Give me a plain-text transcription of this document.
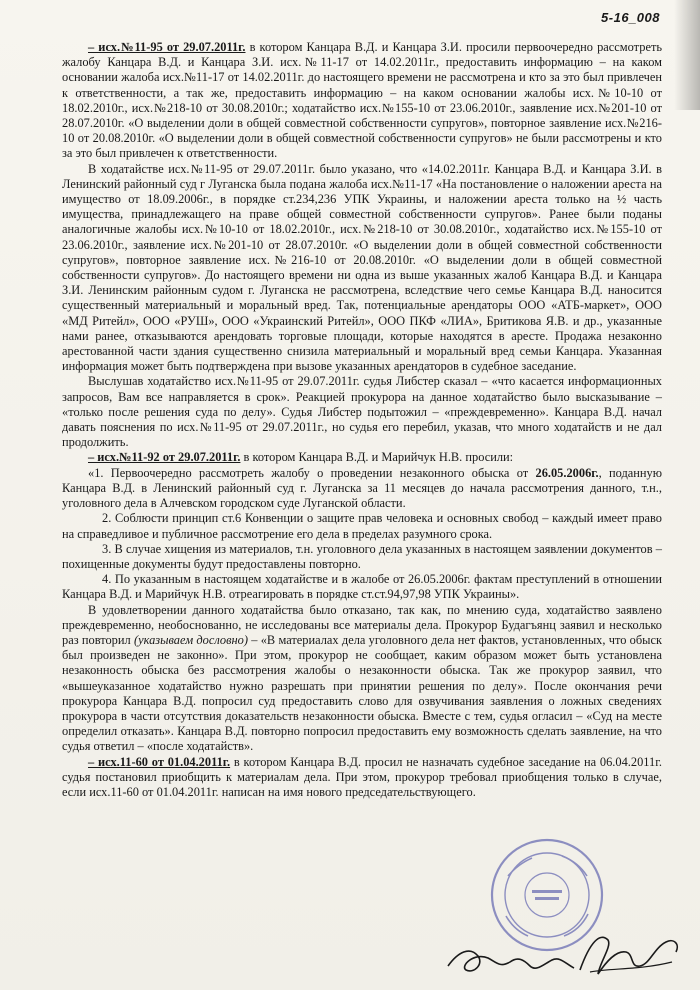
5-16_008

– исх.№11-95 от 29.07.2011г. в котором Канцара В.Д. и Канцара З.И. просили первоочередно рассмотреть жалобу Канцара В.Д. и Канцара З.И. исх.№11-17 от 14.02.2011г., предоставить информацию – на каком основании жалоба исх.№11-17 от 14.02.2011г. до настоящего времени не рассмотрена и кто за это был привлечен к ответственности, а так же, предоставить информацию – на каком основании жалобы исх.№10-10 от 18.02.2010г., исх.№218-10 от 30.08.2010г.; ходатайство исх.№155-10 от 23.06.2010г., заявление исх.№201-10 от 28.07.2010г. «О выделении доли в общей совместной собственности супругов», повторное заявление исх.№216-10 от 20.08.2010г. «О выделении доли в общей совместной собственности супругов» не были рассмотрены и кто за это был привлечен к ответственности.

В ходатайстве исх.№11-95 от 29.07.2011г. было указано, что «14.02.2011г. Канцара В.Д. и Канцара З.И. в Ленинский районный суд г Луганска была подана жалоба исх.№11-17 «На постановление о наложении ареста на имущество от 18.09.2006г., в порядке ст.234,236 УПК Украины, и наложении ареста только на ½ часть имущества, принадлежащего на праве общей совместной собственности супругов». Ранее были поданы аналогичные жалобы исх.№10-10 от 18.02.2010г., исх.№218-10 от 30.08.2010г., ходатайство исх.№155-10 от 23.06.2010г., заявление исх.№201-10 от 28.07.2010г. «О выделении доли в общей совместной собственности супругов», повторное заявление исх.№216-10 от 20.08.2010г. «О выделении доли в общей совместной собственности супругов». До настоящего времени ни одна из выше указанных жалоб Канцара В.Д. и Канцара З.И. Ленинским районным судом г. Луганска не рассмотрена, вследствие чего семье Канцара В.Д. наносится существенный материальный и моральный вред. Так, потенциальные арендаторы ООО «АТБ-маркет», ООО «МД Ритейл», ООО «РУШ», ООО «Украинский Ритейл», ООО ПКФ «ЛИА», Бритикова Я.В. и др., указанные нами ранее, отказываются арендовать торговые площади, которые находятся в аресте. Продажа незаконно арестованной части здания существенно снизила материальный и моральный вред семьи Канцара. Указанная информация может быть подтверждена при вызове указанных арендаторов в судебное заседание.

Выслушав ходатайство исх.№11-95 от 29.07.2011г. судья Либстер сказал – «что касается информационных запросов, Вам все направляется в срок». Реакцией прокурора на данное ходатайство было высказывание – «только после решения суда по делу». Судья Либстер подытожил – «преждевременно». Канцара В.Д. начал давать пояснения по исх.№11-95 от 29.07.2011г., но судья его перебил, указав, что много ходатайств и не дал продолжить.

– исх.№11-92 от 29.07.2011г. в котором Канцара В.Д. и Марийчук Н.В. просили:

«1. Первоочередно рассмотреть жалобу о проведении незаконного обыска от 26.05.2006г., поданную Канцара В.Д. в Ленинский районный суд г. Луганска за 11 месяцев до начала рассмотрения данного, т.н., уголовного дела в Алчевском городском суде Луганской области.

2. Соблюсти принцип ст.6 Конвенции о защите прав человека и основных свобод – каждый имеет право на справедливое и публичное рассмотрение его дела в пределах разумного срока.

3. В случае хищения из материалов, т.н. уголовного дела указанных в настоящем заявлении документов – похищенные документы будут предоставлены повторно.

4. По указанным в настоящем ходатайстве и в жалобе от 26.05.2006г. фактам преступлений в отношении Канцара В.Д. и Марийчук Н.В. отреагировать в порядке ст.ст.94,97,98 УПК Украины».

В удовлетворении данного ходатайства было отказано, так как, по мнению суда, ходатайство заявлено преждевременно, необоснованно, не исследованы все материалы дела. Прокурор Будагъянц заявил и несколько раз повторил (указываем дословно) – «В материалах дела уголовного дела нет фактов, установленных, что обыск был произведен не законно». При этом, прокурор не сообщает, каким образом может быть установлена незаконность обыска без рассмотрения жалобы о незаконности обыска. Так же прокурор заявил, что «вышеуказанное ходатайство нужно разрешать при принятии решения по делу». После окончания речи прокурора Канцара В.Д. попросил суд предоставить слово для озвучивания заявления о ложных сведениях прокурора в части отсутствия доказательств незаконности обыска. Вместе с тем, судья огласил – «Суд на месте определил отказать». Канцара В.Д. повторно попросил предоставить ему возможность сделать заявление, на что судья ответил – «после ходатайств».

– исх.11-60 от 01.04.2011г. в котором Канцара В.Д. просил не назначать судебное заседание на 06.04.2011г. судья постановил приобщить к материалам дела. При этом, прокурор требовал приобщения только в случае, если исх.11-60 от 01.04.2011г. написан на имя нового председательствующего.
